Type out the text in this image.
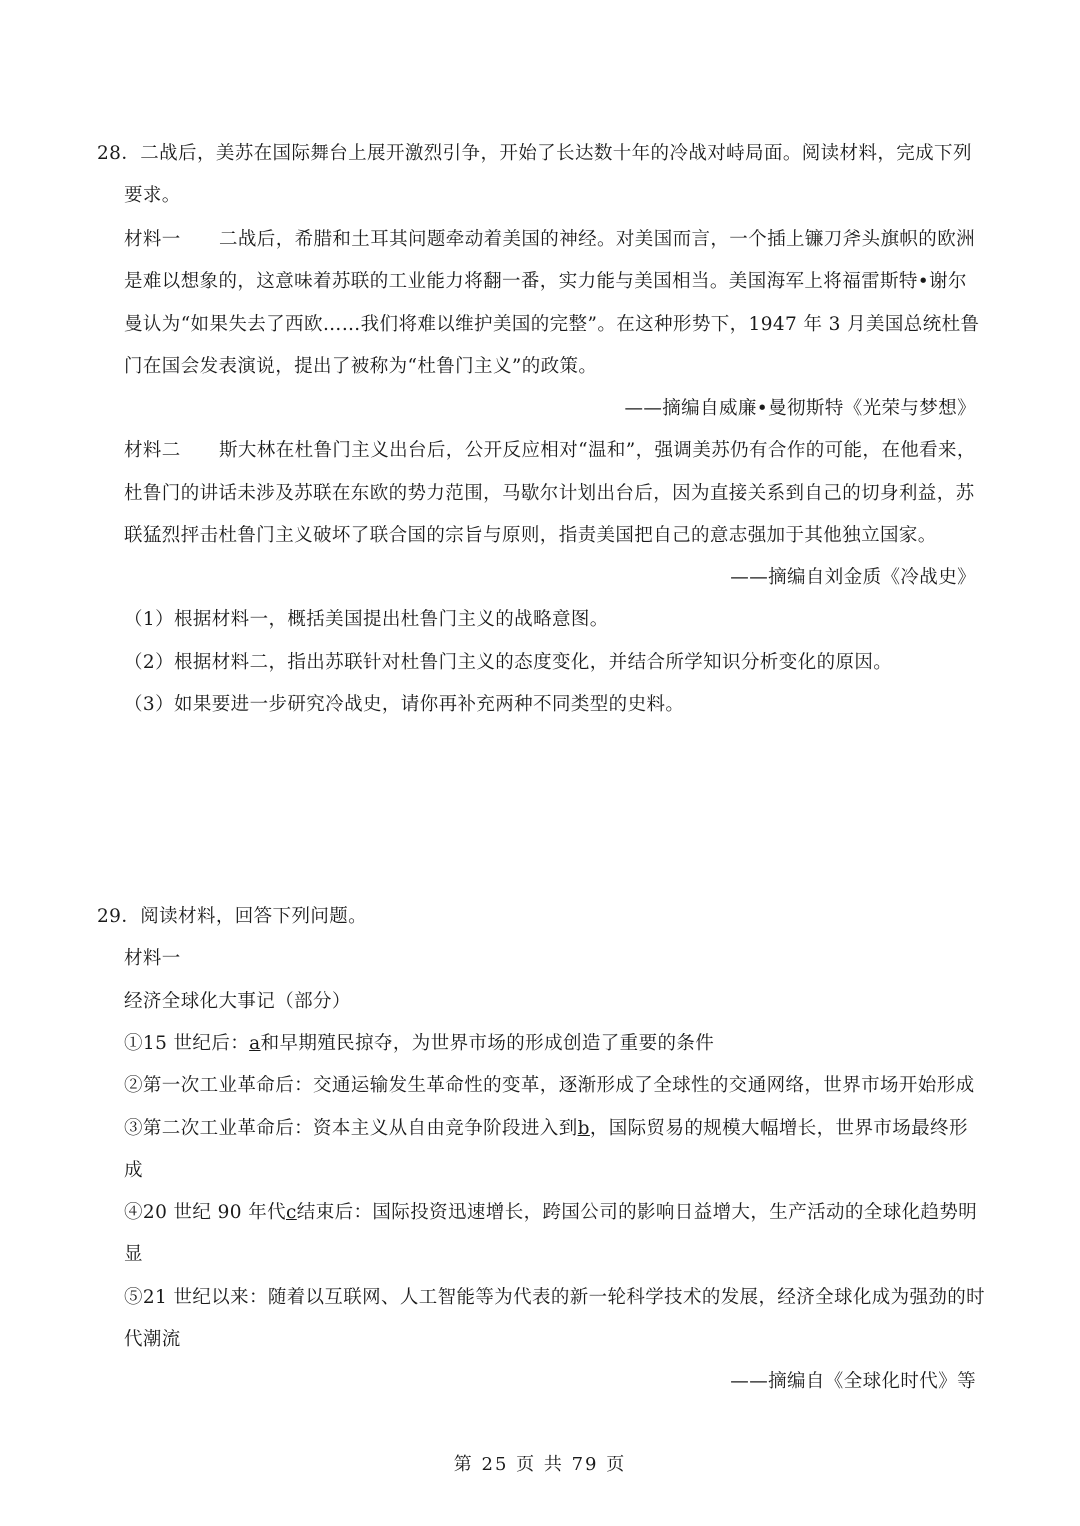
28．二战后，美苏在国际舞台上展开激烈引争，开始了长达数十年的冷战对峙局面。阅读材料，完成下列
要求。
材料一 二战后，希腊和土耳其问题牵动着美国的神经。对美国而言，一个插上镰刀斧头旗帜的欧洲
是难以想象的，这意味着苏联的工业能力将翻一番，实力能与美国相当。美国海军上将福雷斯特•谢尔
曼认为“如果失去了西欧……我们将难以维护美国的完整”。在这种形势下，1947 年 3 月美国总统杜鲁
门在国会发表演说，提出了被称为“杜鲁门主义”的政策。
——摘编自威廉•曼彻斯特《光荣与梦想》
材料二 斯大林在杜鲁门主义出台后，公开反应相对“温和”，强调美苏仍有合作的可能，在他看来，
杜鲁门的讲话未涉及苏联在东欧的势力范围，马歇尔计划出台后，因为直接关系到自己的切身利益，苏
联猛烈抨击杜鲁门主义破坏了联合国的宗旨与原则，指责美国把自己的意志强加于其他独立国家。
——摘编自刘金质《冷战史》
（1）根据材料一，概括美国提出杜鲁门主义的战略意图。
（2）根据材料二，指出苏联针对杜鲁门主义的态度变化，并结合所学知识分析变化的原因。
（3）如果要进一步研究冷战史，请你再补充两种不同类型的史料。
29．阅读材料，回答下列问题。
材料一
经济全球化大事记（部分）
①15 世纪后：a和早期殖民掠夺，为世界市场的形成创造了重要的条件
②第一次工业革命后：交通运输发生革命性的变革，逐渐形成了全球性的交通网络，世界市场开始形成
③第二次工业革命后：资本主义从自由竞争阶段进入到b，国际贸易的规模大幅增长，世界市场最终形
成
④20 世纪 90 年代c结束后：国际投资迅速增长，跨国公司的影响日益增大，生产活动的全球化趋势明
显
⑤21 世纪以来：随着以互联网、人工智能等为代表的新一轮科学技术的发展，经济全球化成为强劲的时
代潮流
——摘编自《全球化时代》等
第 25 页 共 79 页
